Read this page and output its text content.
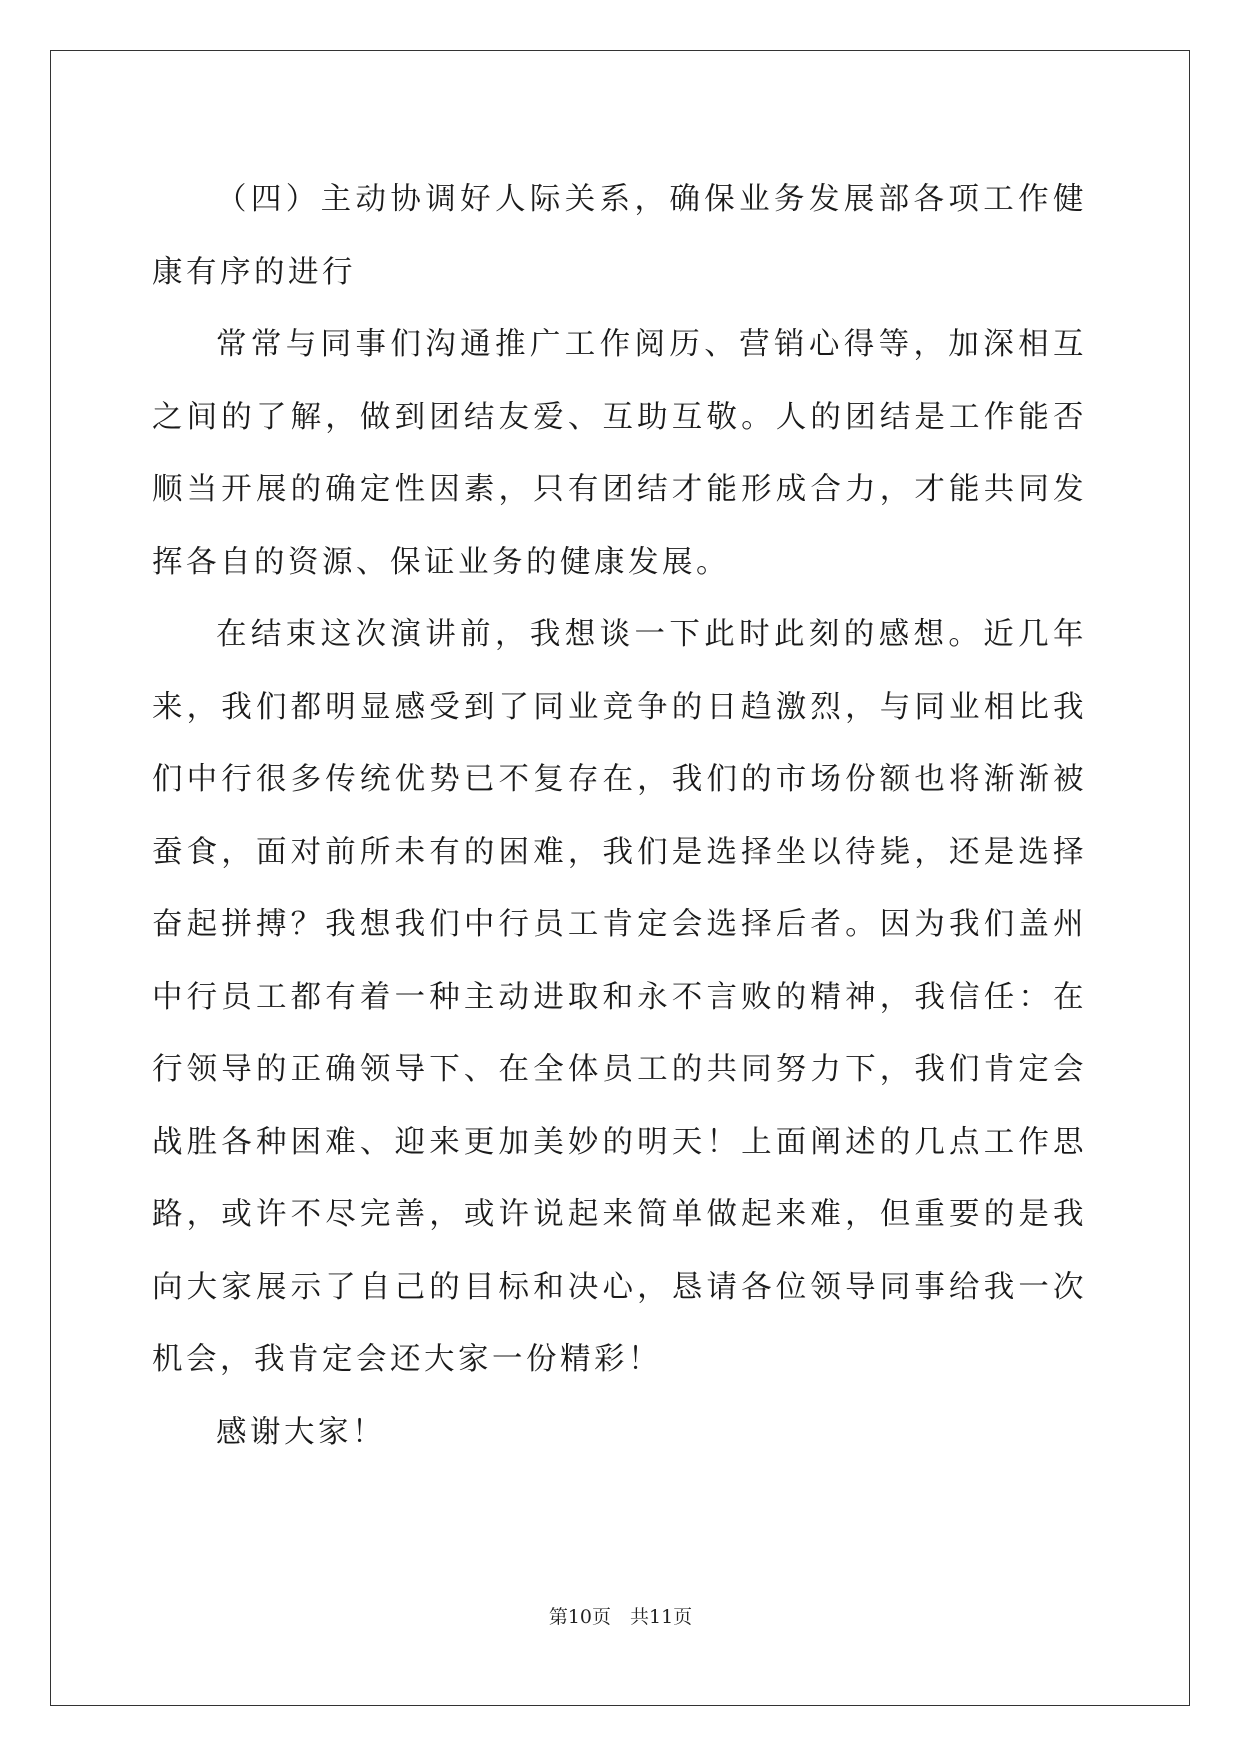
（四）主动协调好人际关系，确保业务发展部各项工作健康有序的进行

常常与同事们沟通推广工作阅历、营销心得等，加深相互之间的了解，做到团结友爱、互助互敬。人的团结是工作能否顺当开展的确定性因素，只有团结才能形成合力，才能共同发挥各自的资源、保证业务的健康发展。

在结束这次演讲前，我想谈一下此时此刻的感想。近几年来，我们都明显感受到了同业竞争的日趋激烈，与同业相比我们中行很多传统优势已不复存在，我们的市场份额也将渐渐被蚕食，面对前所未有的困难，我们是选择坐以待毙，还是选择奋起拼搏？我想我们中行员工肯定会选择后者。因为我们盖州中行员工都有着一种主动进取和永不言败的精神，我信任：在行领导的正确领导下、在全体员工的共同努力下，我们肯定会战胜各种困难、迎来更加美妙的明天！上面阐述的几点工作思路，或许不尽完善，或许说起来简单做起来难，但重要的是我向大家展示了自己的目标和决心，恳请各位领导同事给我一次机会，我肯定会还大家一份精彩！

感谢大家！

第10页　共11页
